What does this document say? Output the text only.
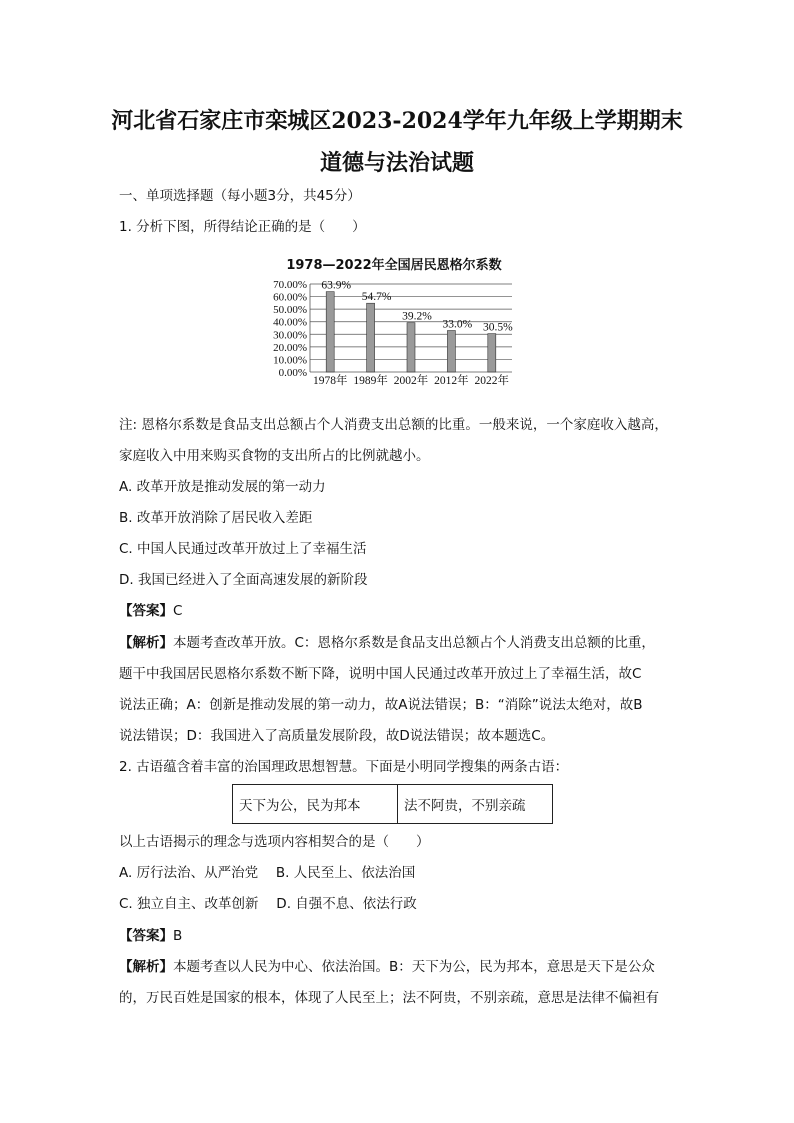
河北省石家庄市栾城区2023-2024学年九年级上学期期末
道德与法治试题
一、单项选择题（每小题3分，共45分）
1. 分析下图，所得结论正确的是（　　）
1978—2022年全国居民恩格尔系数
0.00%
10.00%
20.00%
30.00%
40.00%
50.00%
60.00%
70.00% 63.9%
1978年
54.7%
1989年
39.2%
2002年
33.0%
2012年
30.5%
2022年
注: 恩格尔系数是食品支出总额占个人消费支出总额的比重。一般来说，一个家庭收入越高，
家庭收入中用来购买食物的支出所占的比例就越小。
A. 改革开放是推动发展的第一动力
B. 改革开放消除了居民收入差距
C. 中国人民通过改革开放过上了幸福生活
D. 我国已经进入了全面高速发展的新阶段
【答案】C
【解析】本题考查改革开放。C：恩格尔系数是食品支出总额占个人消费支出总额的比重，
题干中我国居民恩格尔系数不断下降，说明中国人民通过改革开放过上了幸福生活，故C
说法正确；A：创新是推动发展的第一动力，故A说法错误；B：“消除”说法太绝对，故B
说法错误；D：我国进入了高质量发展阶段，故D说法错误；故本题选C。
2. 古语蕴含着丰富的治国理政思想智慧。下面是小明同学搜集的两条古语：
天下为公，民为邦本	法不阿贵，不别亲疏
以上古语揭示的理念与选项内容相契合的是（　　）
A. 厉行法治、从严治党　 B. 人民至上、依法治国
C. 独立自主、改革创新　 D. 自强不息、依法行政
【答案】B
【解析】本题考查以人民为中心、依法治国。B：天下为公，民为邦本，意思是天下是公众
的，万民百姓是国家的根本，体现了人民至上；法不阿贵，不别亲疏，意思是法律不偏袒有
